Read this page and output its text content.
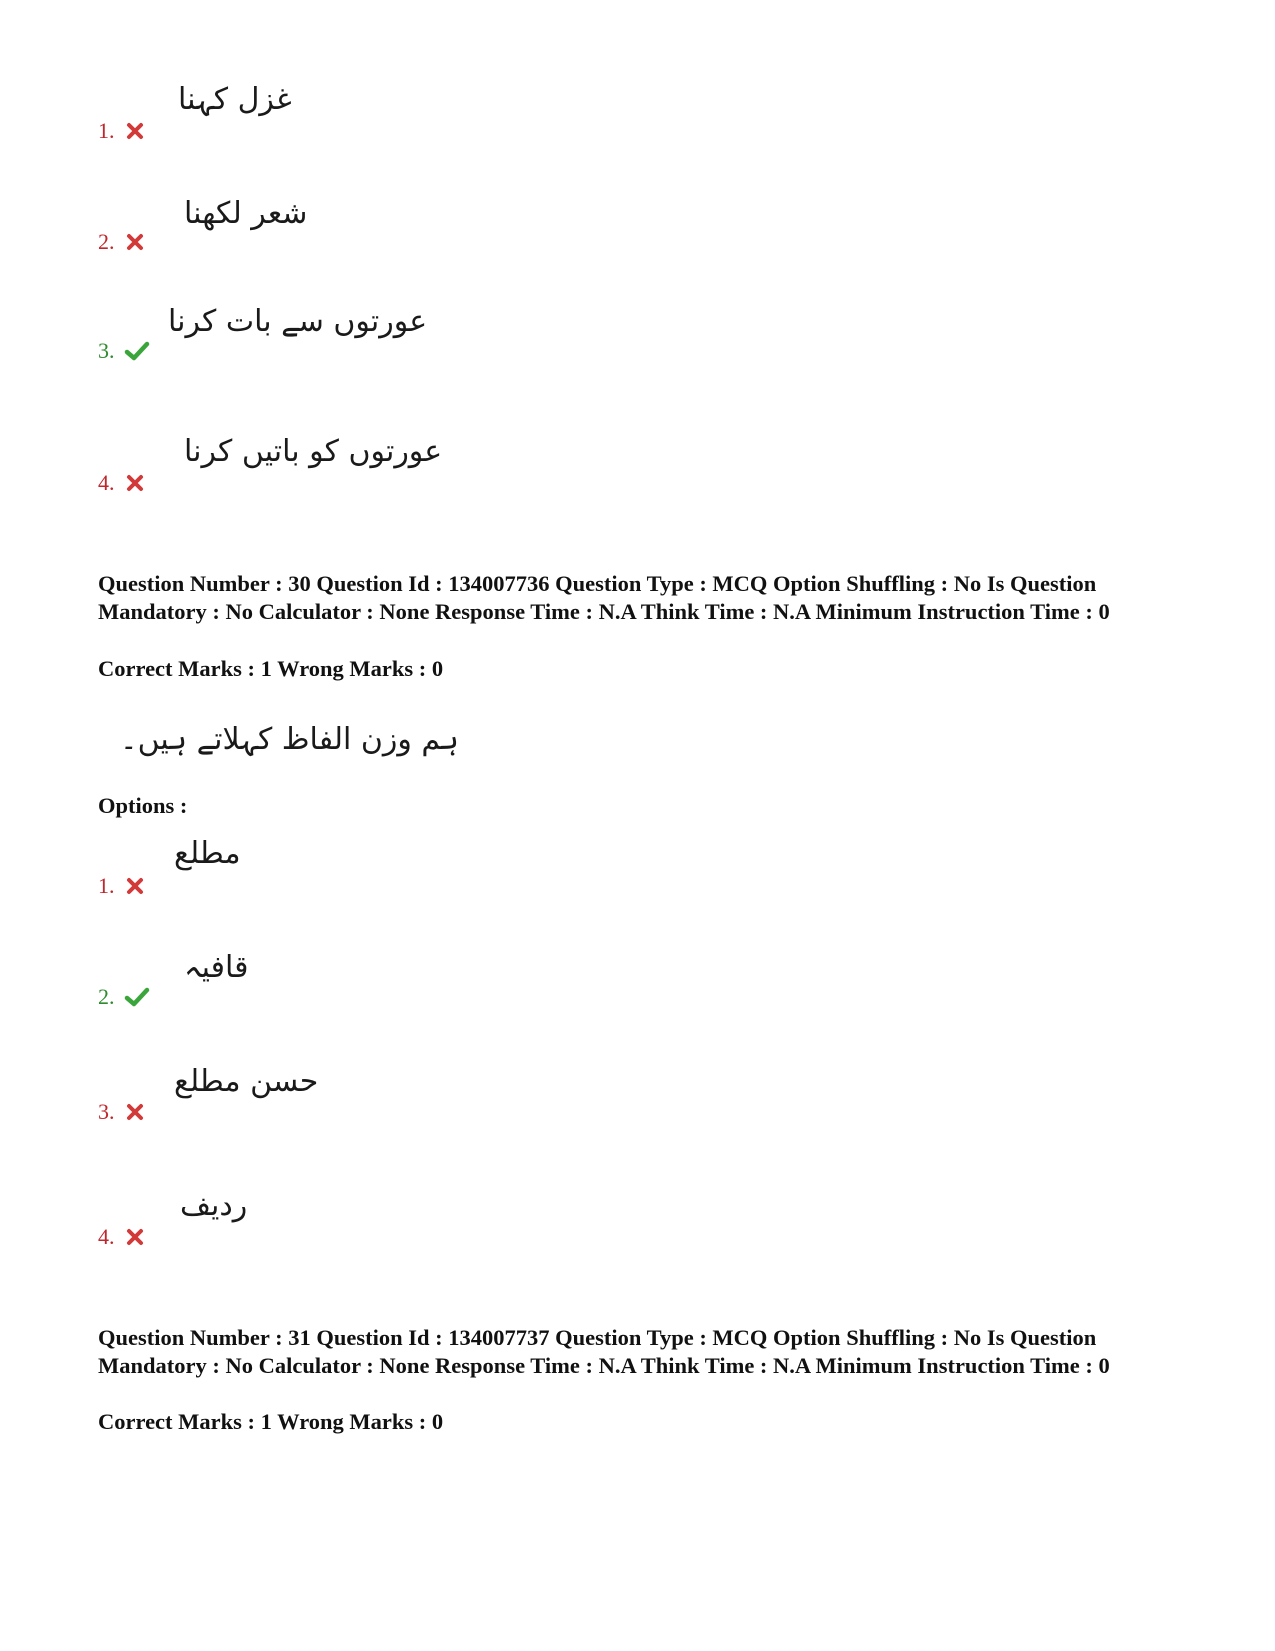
غزل کہنا
1.
شعر لکھنا
2.
عورتوں سے بات کرنا
3.
عورتوں کو باتیں کرنا
4.
Question Number : 30 Question Id : 134007736 Question Type : MCQ Option Shuffling : No Is Question Mandatory : No Calculator : None Response Time : N.A Think Time : N.A Minimum Instruction Time : 0
Correct Marks : 1 Wrong Marks : 0
ہم وزن الفاظ کہلاتے ہیں۔
Options :
مطلع
1.
قافیہ
2.
حسن مطلع
3.
ردیف
4.
Question Number : 31 Question Id : 134007737 Question Type : MCQ Option Shuffling : No Is Question Mandatory : No Calculator : None Response Time : N.A Think Time : N.A Minimum Instruction Time : 0
Correct Marks : 1 Wrong Marks : 0
